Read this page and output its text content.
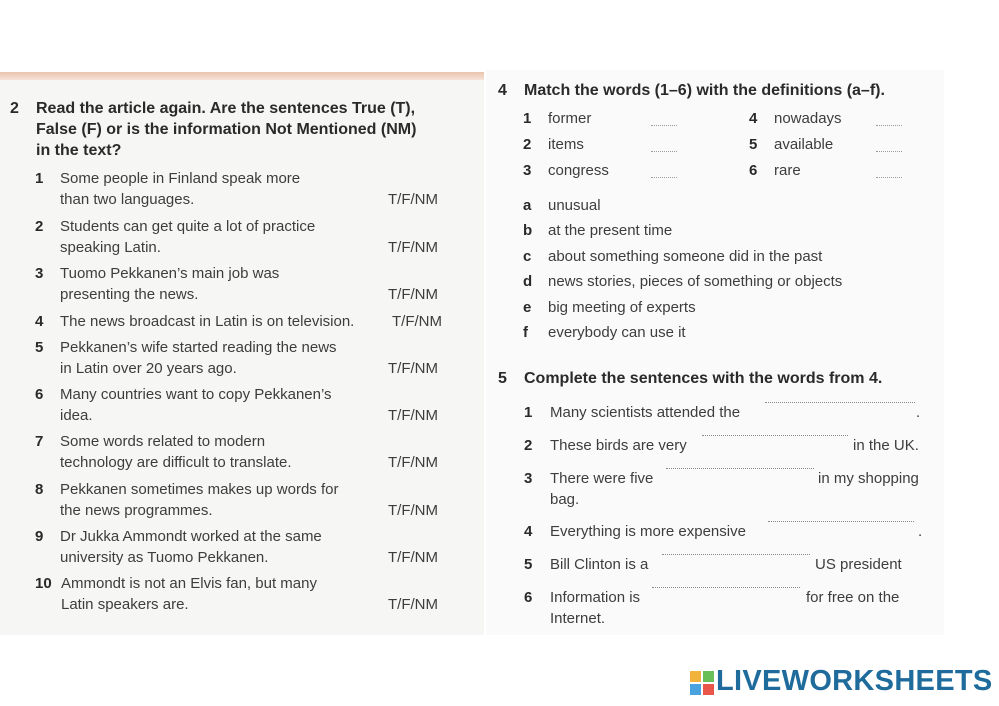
2 Read the article again. Are the sentences True (T),
False (F) or is the information Not Mentioned (NM)
in the text?
1 Some people in Finland speak more
than two languages.	T/F/NM
2 Students can get quite a lot of practice
speaking Latin.	T/F/NM
3 Tuomo Pekkanen’s main job was
presenting the news.	T/F/NM
4 The news broadcast in Latin is on television.	T/F/NM
5 Pekkanen’s wife started reading the news
in Latin over 20 years ago.	T/F/NM
6 Many countries want to copy Pekkanen’s
idea.	T/F/NM
7 Some words related to modern
technology are difficult to translate.	T/F/NM
8 Pekkanen sometimes makes up words for
the news programmes.	T/F/NM
9 Dr Jukka Ammondt worked at the same
university as Tuomo Pekkanen.	T/F/NM
10 Ammondt is not an Elvis fan, but many
Latin speakers are.	T/F/NM
4 Match the words (1–6) with the definitions (a–f).
1 former
2 items
3 congress
4 nowadays
5 available
6 rare
a unusual
b at the present time
c about something someone did in the past
d news stories, pieces of something or objects
e big meeting of experts
f everybody can use it
5 Complete the sentences with the words from 4.
1 Many scientists attended the	.
2 These birds are very	in the UK.
3 There were five	in my shopping
bag.
4 Everything is more expensive	.
5 Bill Clinton is a	US president
6 Information is	for free on the
Internet.
LIVEWORKSHEETS
